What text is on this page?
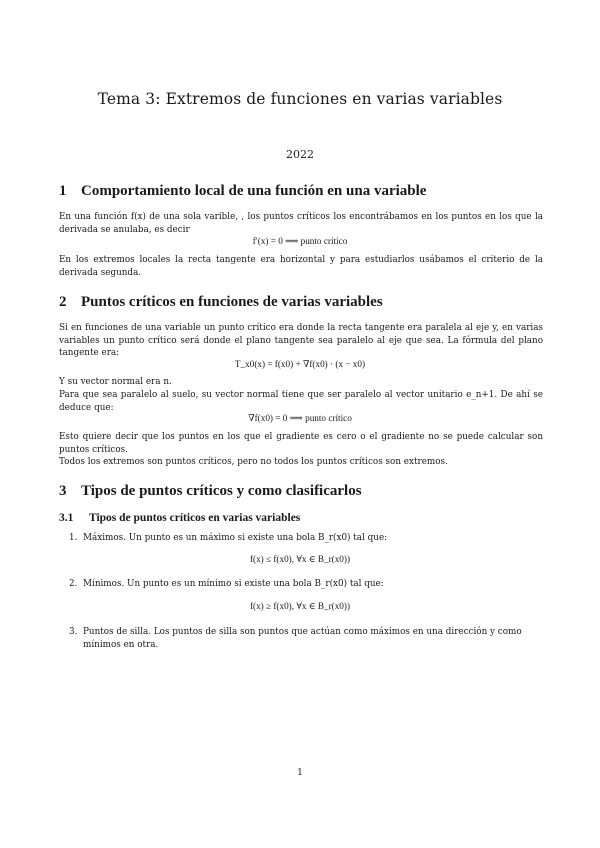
Tema 3: Extremos de funciones en varias variables
2022
1 Comportamiento local de una función en una variable
En una función f(x) de una sola varible, , los puntos críticos los encontrábamos en los puntos en los que la derivada se anulaba, es decir
f′(x) = 0 ⟹ punto crítico
En los extremos locales la recta tangente era horizontal y para estudiarlos usábamos el criterio de la derivada segunda.
2 Puntos críticos en funciones de varias variables
Si en funciones de una variable un punto crítico era donde la recta tangente era paralela al eje y, en varias variables un punto crítico será donde el plano tangente sea paralelo al eje que sea. La fórmula del plano tangente era:
T_x0(x) = f(x0) + ∇f(x0) · (x − x0)
Y su vector normal era n.
Para que sea paralelo al suelo, su vector normal tiene que ser paralelo al vector unitario e_n+1. De ahí se deduce que:
∇f(x0) = 0 ⟹ punto crítico
Esto quiere decir que los puntos en los que el gradiente es cero o el gradiente no se puede calcular son puntos críticos.
Todos los extremos son puntos críticos, pero no todos los puntos críticos son extremos.
3 Tipos de puntos críticos y como clasificarlos
3.1 Tipos de puntos críticos en varias variables
1. Máximos. Un punto es un máximo si existe una bola B_r(x0) tal que:
f(x) ≤ f(x0), ∀x ∈ B_r(x0))
2. Mínimos. Un punto es un mínimo si existe una bola B_r(x0) tal que:
f(x) ≥ f(x0), ∀x ∈ B_r(x0))
3. Puntos de silla. Los puntos de silla son puntos que actúan como máximos en una dirección y como mínimos en otra.
1
